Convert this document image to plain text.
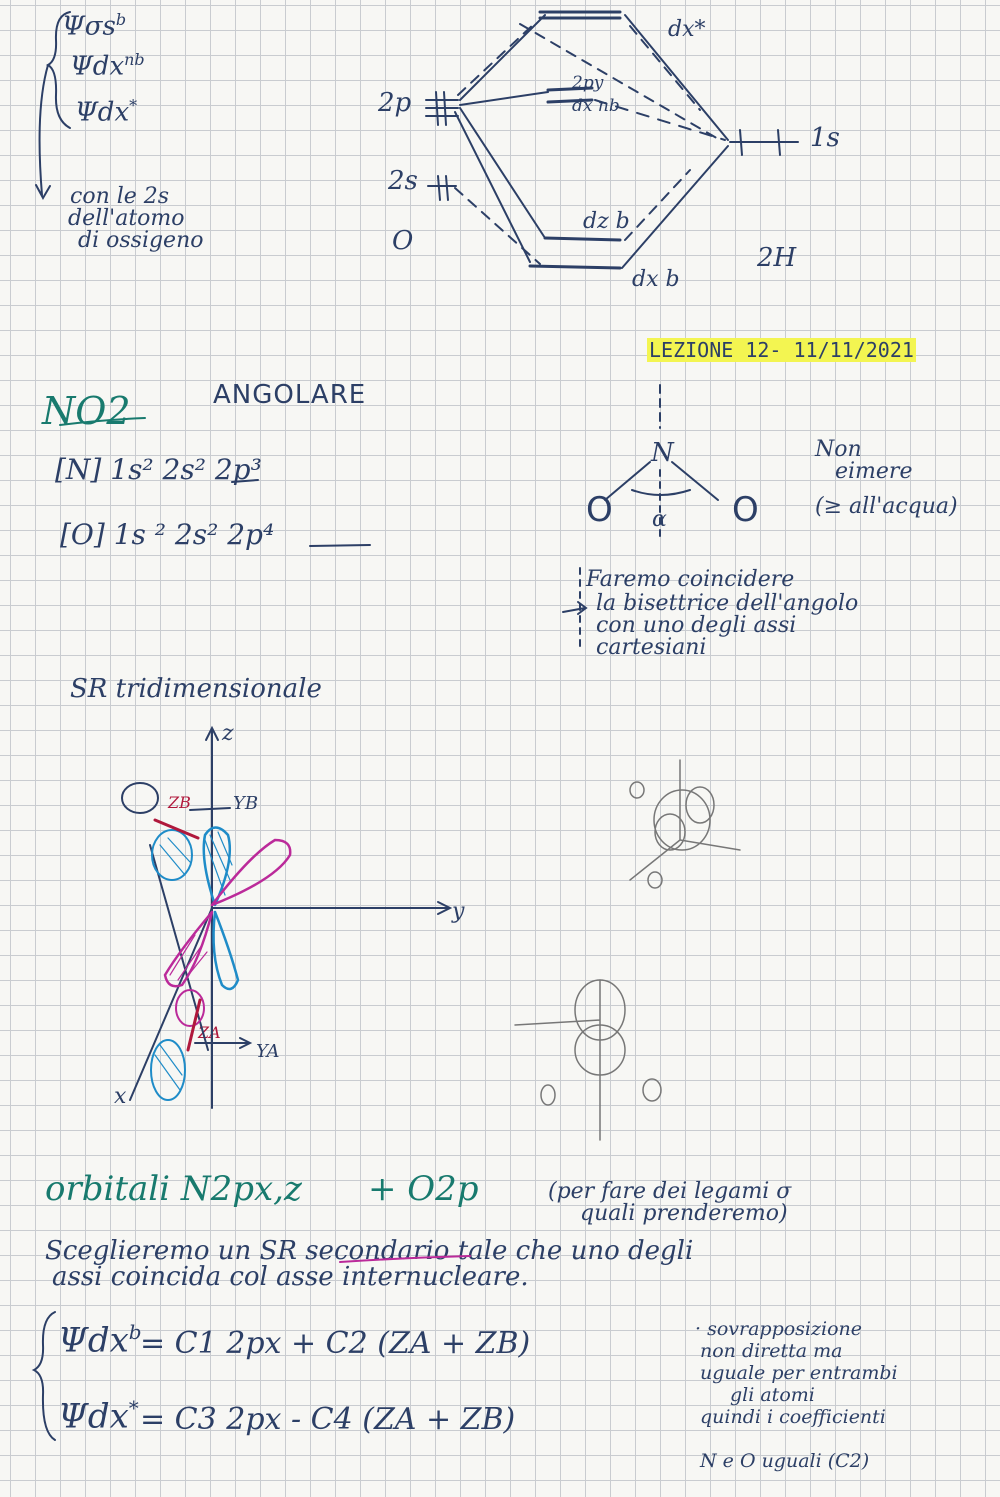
Ψσs$^b$
Ψdx$^{nb}$
Ψdx*
con le 2s
dell'atomo
di ossigeno
2p
2s
O
1s
2H
dx*
2py
dx nb
dz b
dx b
LEZIONE 12- 11/11/2021
NO2	ANGOLARE
[N] 1s² 2s² 2p³
[O] 1s ² 2s² 2p⁴
N
O	O
α
Non
eimere
(≥ all'acqua)
Faremo coincidere
la bisettrice dell'angolo
con uno degli assi
cartesiani
SR tridimensionale
z
y
x
ZB YB
ZA
YA
orbitali N2px,z + O2p	(per fare dei legami σ
quali prenderemo)
Sceglieremo un SR secondario tale che uno degli
assi coincida col asse internucleare.
Ψdx$^b$
= C1 2px + C2 (ZA + ZB)
Ψdx* = C3 2px - C4 (ZA + ZB)
· sovrapposizione
non diretta ma
uguale per entrambi
gli atomi
quindi i coefficienti
N e O uguali (C2)
